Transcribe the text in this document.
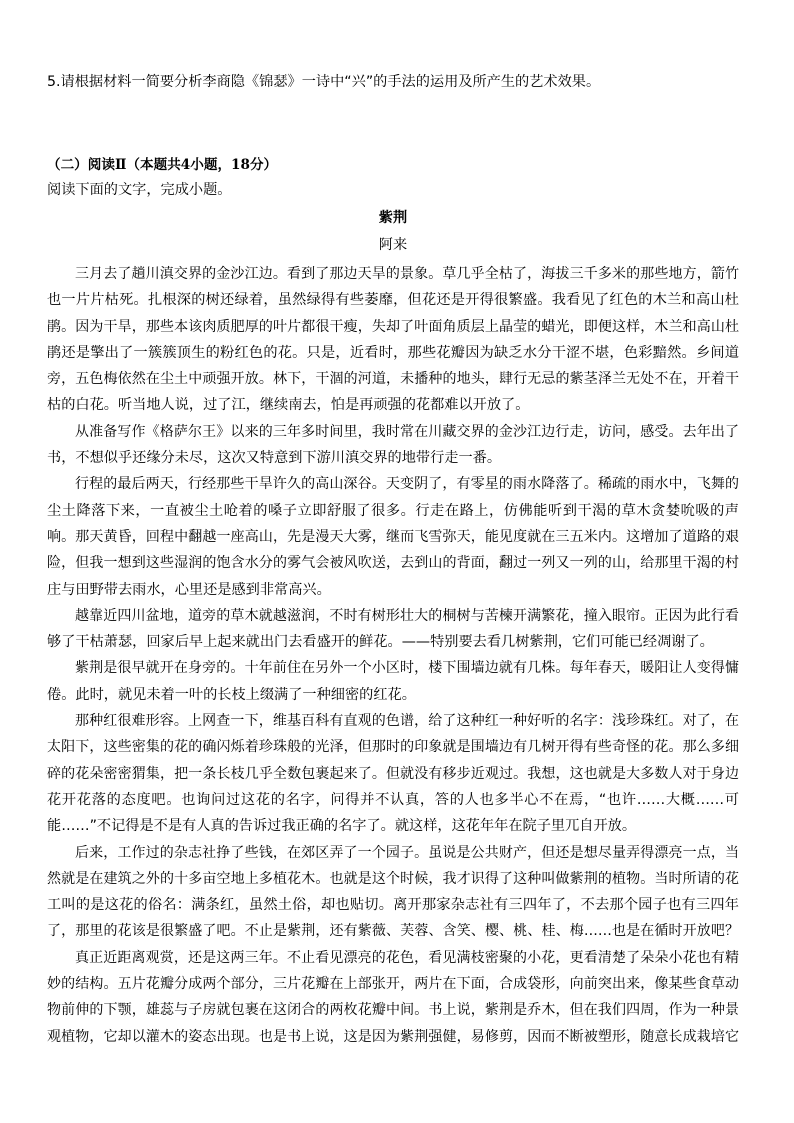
5.请根据材料一简要分析李商隐《锦瑟》一诗中“兴”的手法的运用及所产生的艺术效果。
（二）阅读Ⅱ（本题共4小题，18分）
阅读下面的文字，完成小题。
紫荆
阿来
三月去了趟川滇交界的金沙江边。看到了那边天旱的景象。草几乎全枯了，海拔三千多米的那些地方，箭竹
也一片片枯死。扎根深的树还绿着，虽然绿得有些萎靡，但花还是开得很繁盛。我看见了红色的木兰和高山杜
鹃。因为干旱，那些本该肉质肥厚的叶片都很干瘦，失却了叶面角质层上晶莹的蜡光，即便这样，木兰和高山杜
鹃还是擎出了一簇簇顶生的粉红色的花。只是，近看时，那些花瓣因为缺乏水分干涩不堪，色彩黯然。乡间道
旁，五色梅依然在尘土中顽强开放。林下，干涸的河道，未播种的地头，肆行无忌的紫茎泽兰无处不在，开着干
枯的白花。听当地人说，过了江，继续南去，怕是再顽强的花都难以开放了。
从准备写作《格萨尔王》以来的三年多时间里，我时常在川藏交界的金沙江边行走，访问，感受。去年出了
书，不想似乎还缘分未尽，这次又特意到下游川滇交界的地带行走一番。
行程的最后两天，行经那些干旱许久的高山深谷。天变阴了，有零星的雨水降落了。稀疏的雨水中，飞舞的
尘土降落下来，一直被尘土呛着的嗓子立即舒服了很多。行走在路上，仿佛能听到干渴的草木贪婪吮吸的声
响。那天黄昏，回程中翻越一座高山，先是漫天大雾，继而飞雪弥天，能见度就在三五米内。这增加了道路的艰
险，但我一想到这些湿润的饱含水分的雾气会被风吹送，去到山的背面，翻过一列又一列的山，给那里干渴的村
庄与田野带去雨水，心里还是感到非常高兴。
越靠近四川盆地，道旁的草木就越滋润，不时有树形壮大的桐树与苦楝开满繁花，撞入眼帘。正因为此行看
够了干枯萧瑟，回家后早上起来就出门去看盛开的鲜花。——特别要去看几树紫荆，它们可能已经凋谢了。
紫荆是很早就开在身旁的。十年前住在另外一个小区时，楼下围墙边就有几株。每年春天，暖阳让人变得慵
倦。此时，就见未着一叶的长枝上缀满了一种细密的红花。
那种红很难形容。上网查一下，维基百科有直观的色谱，给了这种红一种好听的名字：浅珍珠红。对了，在
太阳下，这些密集的花的确闪烁着珍珠般的光泽，但那时的印象就是围墙边有几树开得有些奇怪的花。那么多细
碎的花朵密密猬集，把一条长枝几乎全数包裹起来了。但就没有移步近观过。我想，这也就是大多数人对于身边
花开花落的态度吧。也询问过这花的名字，问得并不认真，答的人也多半心不在焉，“也许……大概……可
能……”不记得是不是有人真的告诉过我正确的名字了。就这样，这花年年在院子里兀自开放。
后来，工作过的杂志社挣了些钱，在郊区弄了一个园子。虽说是公共财产，但还是想尽量弄得漂亮一点，当
然就是在建筑之外的十多亩空地上多植花木。也就是这个时候，我才识得了这种叫做紫荆的植物。当时所请的花
工叫的是这花的俗名：满条红，虽然土俗，却也贴切。离开那家杂志社有三四年了，不去那个园子也有三四年
了，那里的花该是很繁盛了吧。不止是紫荆，还有紫薇、芙蓉、含笑、樱、桃、桂、梅……也是在循时开放吧？
真正近距离观赏，还是这两三年。不止看见漂亮的花色，看见满枝密聚的小花，更看清楚了朵朵小花也有精
妙的结构。五片花瓣分成两个部分，三片花瓣在上部张开，两片在下面，合成袋形，向前突出来，像某些食草动
物前伸的下颚，雄蕊与子房就包裹在这闭合的两枚花瓣中间。书上说，紫荆是乔木，但在我们四周，作为一种景
观植物，它却以灌木的姿态出现。也是书上说，这是因为紫荆强健，易修剪，因而不断被塑形，随意长成栽培它
